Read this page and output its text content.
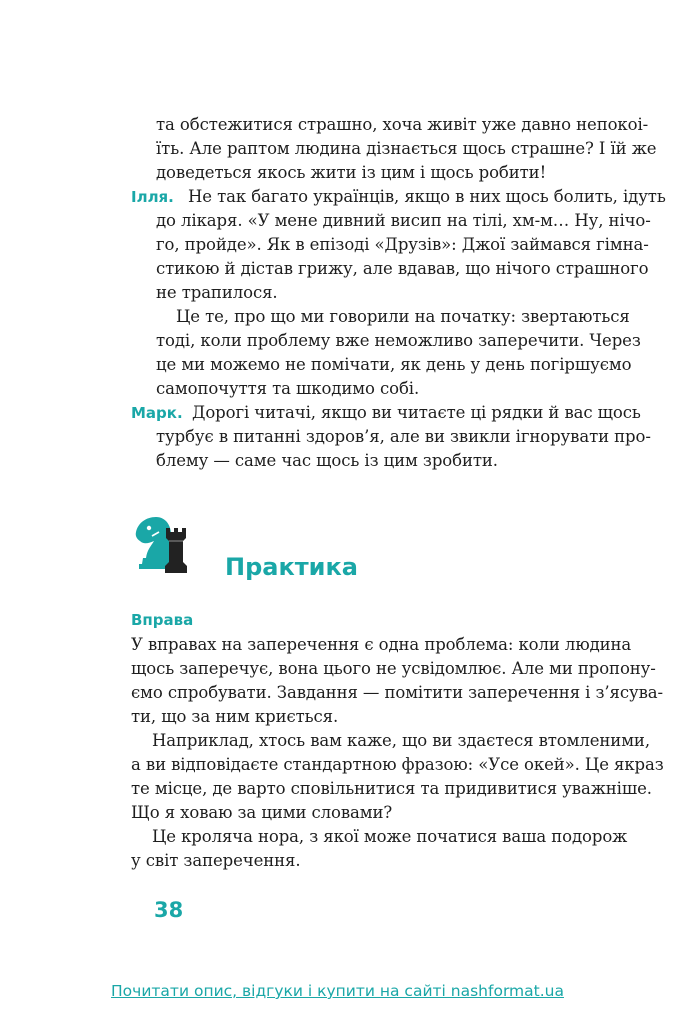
та обстежитися страшно, хоча живіт уже давно непокоі-

їть. Але раптом людина дізнається щось страшне? І їй же

доведеться якось жити із цим і щось робити!

Ілля. Не так багато українців, якщо в них щось болить, ідуть

до лікаря. «У мене дивний висип на тілі, хм-м… Ну, нічо-

го, пройде». Як в епізоді «Друзів»: Джої займався гімна-

стикою й дістав грижу, але вдавав, що нічого страшного

не трапилося.

Це те, про що ми говорили на початку: звертаються

тоді, коли проблему вже неможливо заперечити. Через

це ми можемо не помічати, як день у день погіршуємо

самопочуття та шкодимо собі.

Марк. Дорогі читачі, якщо ви читаєте ці рядки й вас щось

турбує в питанні здоров’я, але ви звикли ігнорувати про-

блему — саме час щось із цим зробити.

Практика
Вправа

У вправах на заперечення є одна проблема: коли людина

щось заперечує, вона цього не усвідомлює. Але ми пропону-

ємо спробувати. Завдання — помітити заперечення і з’ясува-

ти, що за ним криється.

Наприклад, хтось вам каже, що ви здаєтеся втомленими,

а ви відповідаєте стандартною фразою: «Усе окей». Це якраз

те місце, де варто сповільнитися та придивитися уважніше.

Що я ховаю за цими словами?

Це кроляча нора, з якої може початися ваша подорож

у світ заперечення.

38
Почитати опис, відгуки і купити на сайті nashformat.ua
